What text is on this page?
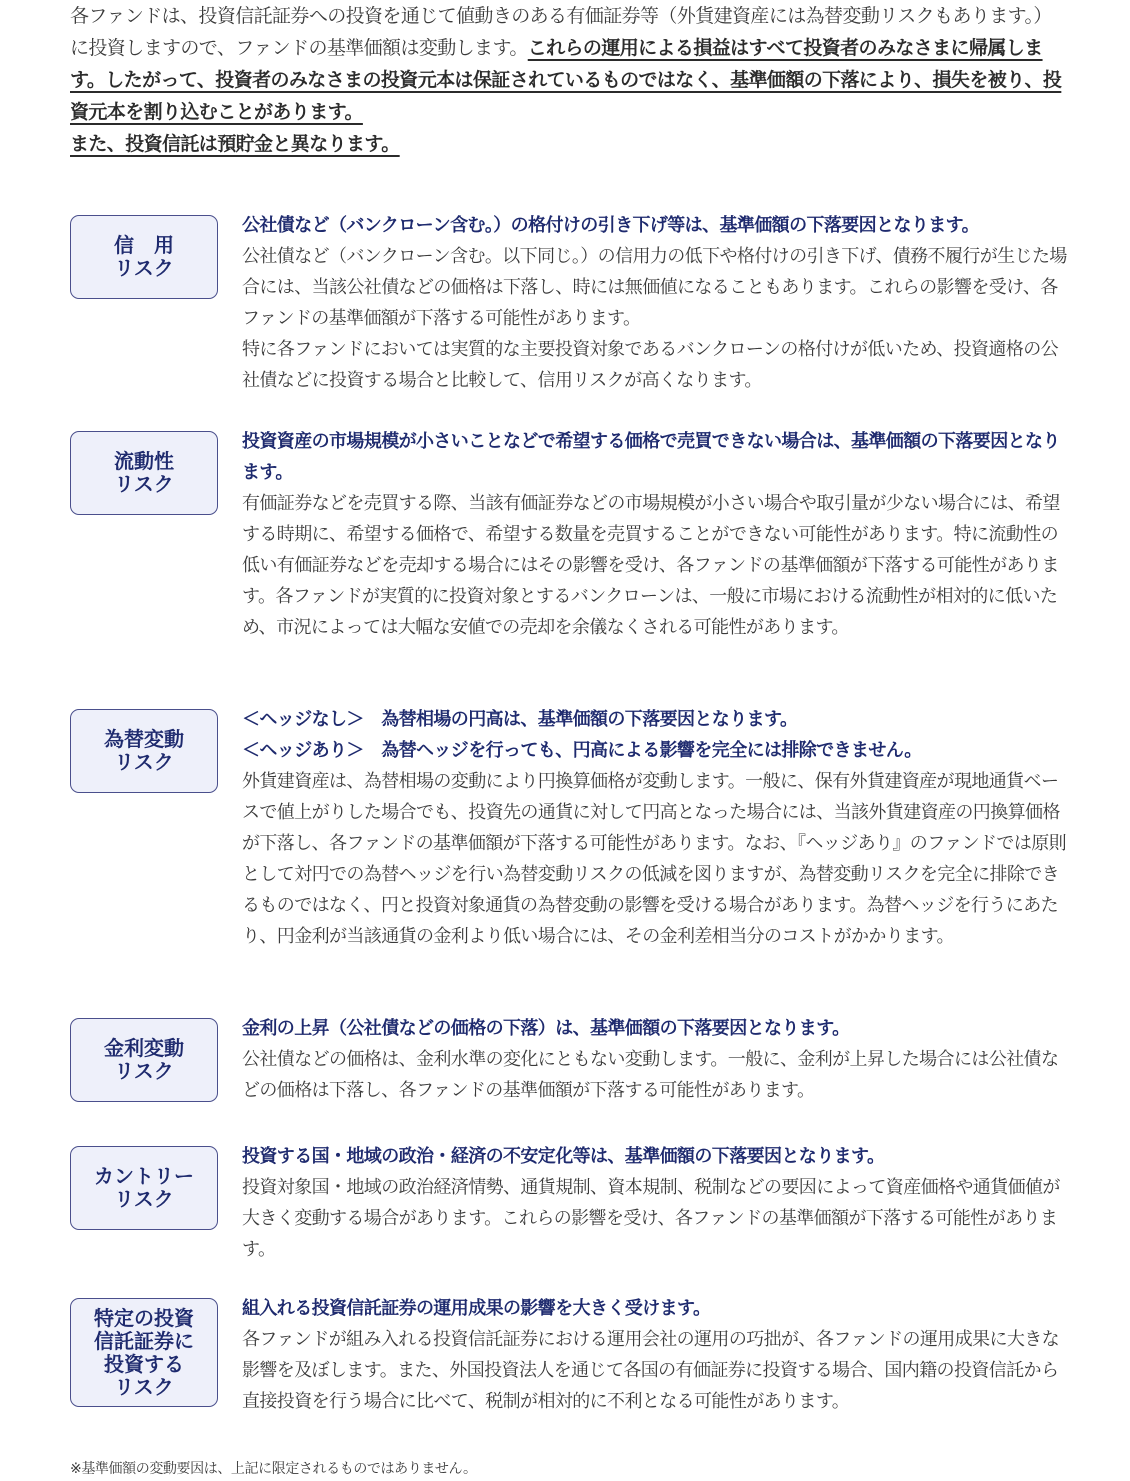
各ファンドは、投資信託証券への投資を通じて値動きのある有価証券等（外貨建資産には為替変動リスクもあります。）に投資しますので、ファンドの基準価額は変動します。これらの運用による損益はすべて投資者のみなさまに帰属します。したがって、投資者のみなさまの投資元本は保証されているものではなく、基準価額の下落により、損失を被り、投資元本を割り込むことがあります。
また、投資信託は預貯金と異なります。
信　用
リスク
公社債など（バンクローン含む。）の格付けの引き下げ等は、基準価額の下落要因となります。
公社債など（バンクローン含む。以下同じ。）の信用力の低下や格付けの引き下げ、債務不履行が生じた場合には、当該公社債などの価格は下落し、時には無価値になることもあります。これらの影響を受け、各ファンドの基準価額が下落する可能性があります。
特に各ファンドにおいては実質的な主要投資対象であるバンクローンの格付けが低いため、投資適格の公社債などに投資する場合と比較して、信用リスクが高くなります。
流動性
リスク
投資資産の市場規模が小さいことなどで希望する価格で売買できない場合は、基準価額の下落要因となります。
有価証券などを売買する際、当該有価証券などの市場規模が小さい場合や取引量が少ない場合には、希望する時期に、希望する価格で、希望する数量を売買することができない可能性があります。特に流動性の低い有価証券などを売却する場合にはその影響を受け、各ファンドの基準価額が下落する可能性があります。各ファンドが実質的に投資対象とするバンクローンは、一般に市場における流動性が相対的に低いため、市況によっては大幅な安値での売却を余儀なくされる可能性があります。
為替変動
リスク
＜ヘッジなし＞　為替相場の円高は、基準価額の下落要因となります。
＜ヘッジあり＞　為替ヘッジを行っても、円高による影響を完全には排除できません。
外貨建資産は、為替相場の変動により円換算価格が変動します。一般に、保有外貨建資産が現地通貨ベースで値上がりした場合でも、投資先の通貨に対して円高となった場合には、当該外貨建資産の円換算価格が下落し、各ファンドの基準価額が下落する可能性があります。なお、『ヘッジあり』のファンドでは原則として対円での為替ヘッジを行い為替変動リスクの低減を図りますが、為替変動リスクを完全に排除できるものではなく、円と投資対象通貨の為替変動の影響を受ける場合があります。為替ヘッジを行うにあたり、円金利が当該通貨の金利より低い場合には、その金利差相当分のコストがかかります。
金利変動
リスク
金利の上昇（公社債などの価格の下落）は、基準価額の下落要因となります。
公社債などの価格は、金利水準の変化にともない変動します。一般に、金利が上昇した場合には公社債などの価格は下落し、各ファンドの基準価額が下落する可能性があります。
カントリー
リスク
投資する国・地域の政治・経済の不安定化等は、基準価額の下落要因となります。
投資対象国・地域の政治経済情勢、通貨規制、資本規制、税制などの要因によって資産価格や通貨価値が大きく変動する場合があります。これらの影響を受け、各ファンドの基準価額が下落する可能性があります。
特定の投資
信託証券に
投資する
リスク
組入れる投資信託証券の運用成果の影響を大きく受けます。
各ファンドが組み入れる投資信託証券における運用会社の運用の巧拙が、各ファンドの運用成果に大きな影響を及ぼします。また、外国投資法人を通じて各国の有価証券に投資する場合、国内籍の投資信託から直接投資を行う場合に比べて、税制が相対的に不利となる可能性があります。
※基準価額の変動要因は、上記に限定されるものではありません。
